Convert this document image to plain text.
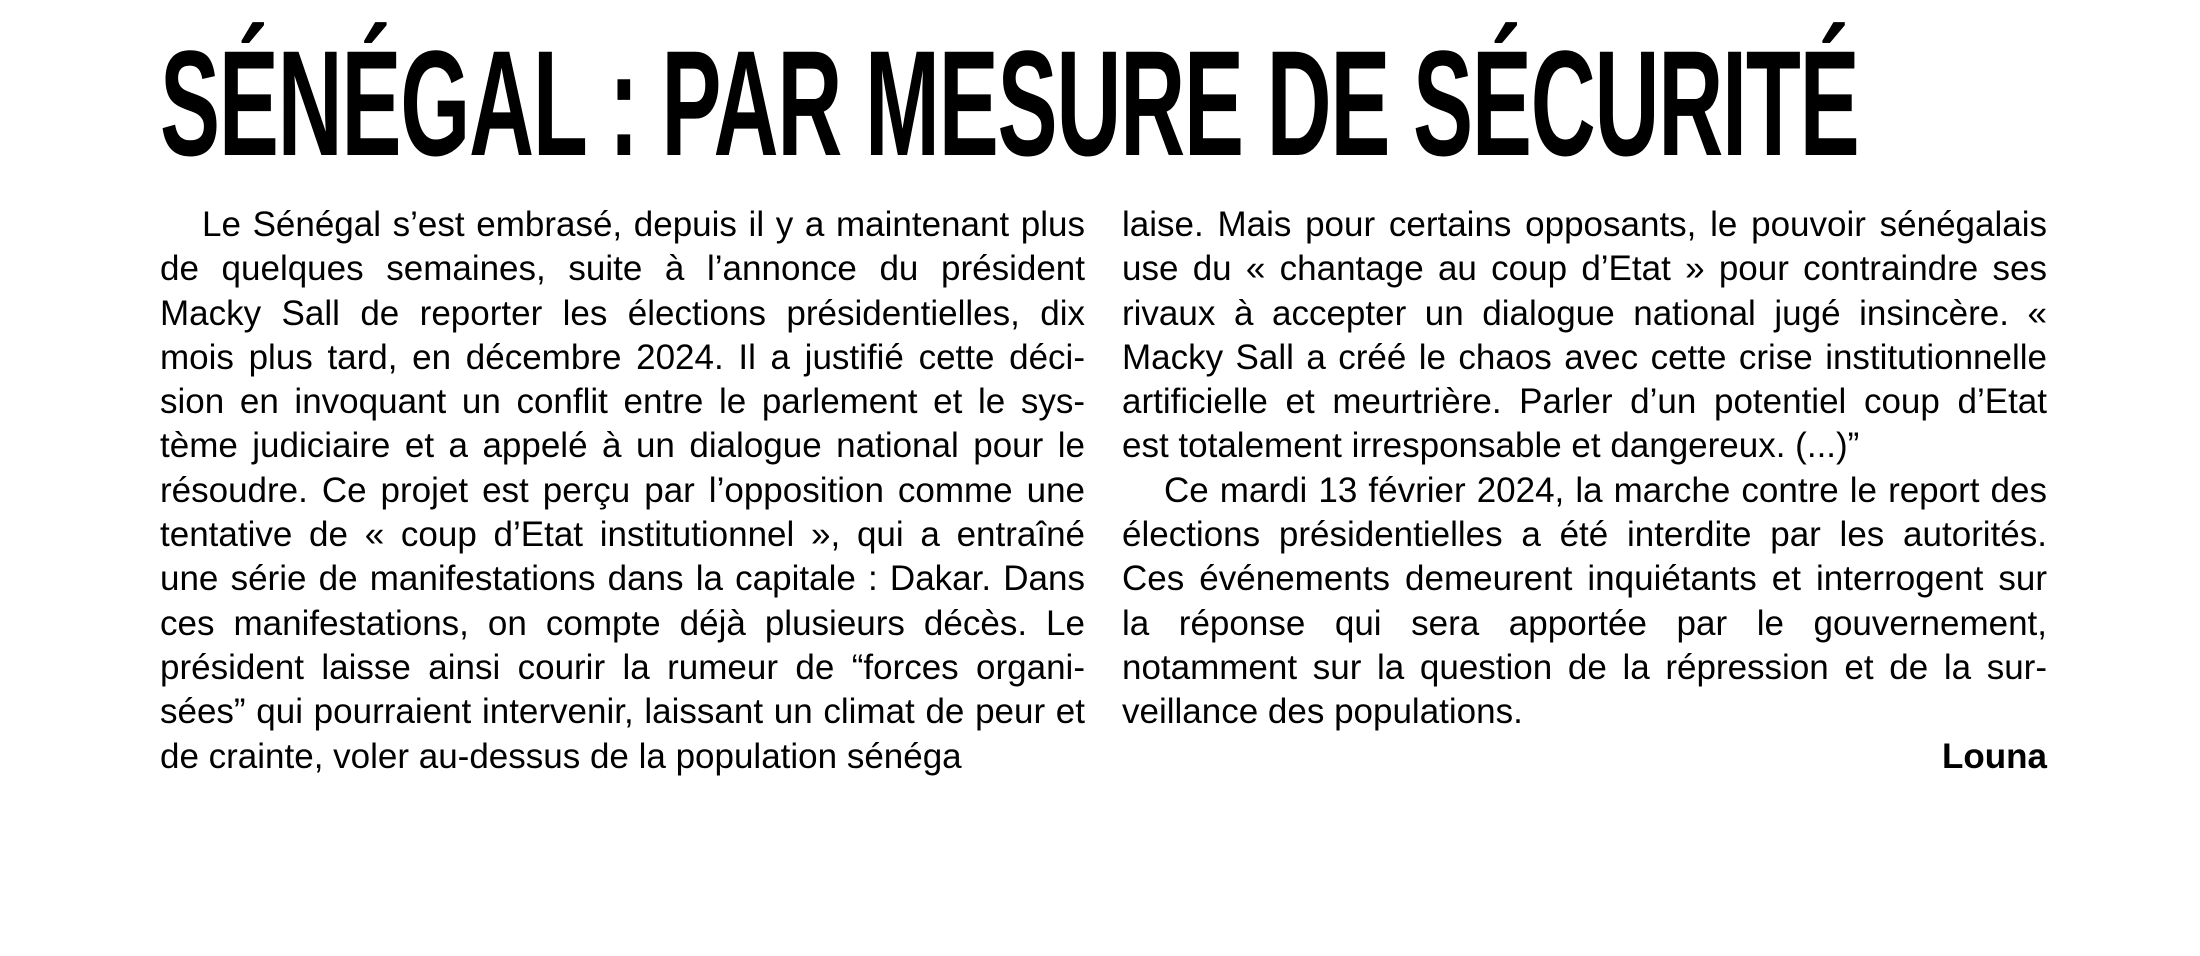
SÉNÉGAL : PAR MESURE DE SÉCURITÉ

Le Sénégal s’est embrasé, depuis il y a maintenant plus de quelques semaines, suite à l’annonce du président Macky Sall de reporter les élections présidentielles, dix mois plus tard, en décembre 2024. Il a justifié cette décision en invoquant un conflit entre le parlement et le système judiciaire et a appelé à un dialogue national pour le résoudre. Ce projet est perçu par l’opposition comme une tentative de « coup d’Etat institutionnel », qui a entraîné une série de manifestations dans la capitale : Dakar. Dans ces manifestations, on compte déjà plusieurs décès. Le président laisse ainsi courir la rumeur de “forces organisées” qui pourraient intervenir, laissant un climat de peur et de crainte, voler au-dessus de la population sénéga

laise. Mais pour certains opposants, le pouvoir sénégalais use du « chantage au coup d’Etat » pour contraindre ses rivaux à accepter un dialogue national jugé insincère. « Macky Sall a créé le chaos avec cette crise institutionnelle artificielle et meurtrière. Parler d’un potentiel coup d’Etat est totalement irresponsable et dangereux. (...)”

Ce mardi 13 février 2024, la marche contre le report des élections présidentielles a été interdite par les autorités. Ces événements demeurent inquiétants et interrogent sur la réponse qui sera apportée par le gouvernement, notamment sur la question de la répression et de la surveillance des populations.

Louna
